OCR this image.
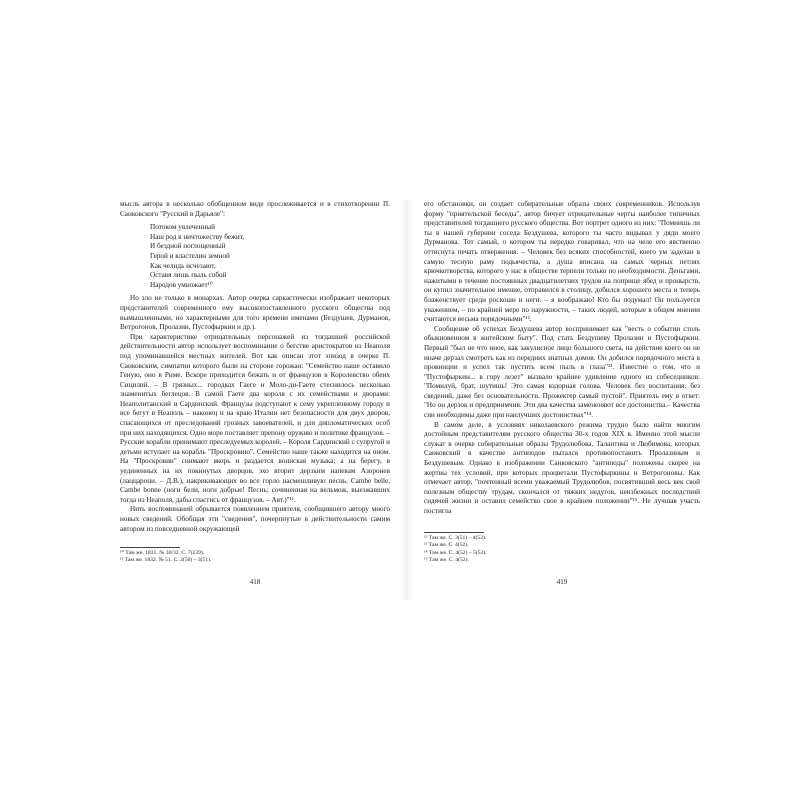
мысль автора в несколько обобщенном виде прослеживается и в стихотворении П. Санковского "Русский в Дарьяле":

Потоком увлеченный
Наш род в ничтожеству бежит,
И бездной поглощенный
Герой и властелин земной
Как челндь исчезают,
Оставя лишь пыль собой
Народов умножает¹⁰

Но зло не только в монархах. Автор очерка саркастически изображает некоторых представителей современного ему высокопоставленного русского общества под вымышленными, но характерными для того времени именами (Бездушев, Дурманов, Ветрогонов, Пролазин, Пустофыркин и др.).

При характеристике отрицательных персонажей из тогдашней российской действительности автор использует воспоминание о бегстве аристократов из Неаполя под упоминавшейся местных жителей. Вот как описан этот эпизод в очерке П. Санковским, симпатии которого были на стороне горожан: "Семейство наше оставило Геную, оно в Риме. Вскоре приходится бежать и от французов в Королевство обеих Сицилий. – В грязных... городках Гаеге и Моло-ди-Гаете стеснилось несколько знаменитых беглецов. В самой Гаете два короля с их семействами и дворами: Неаполитанский и Сардинский. Французы подступают к сему укрепленному городу и все бегут в Неаполь – наконец и на краю Италии нет безопасности для двух дворов, спасающихся от преследований грозных завоевателей, и для дипломатических особ при них находящихся. Одно море поставляет препону оружию и политике французов. – Русские корабли принимают преследуемых королей. – Короля Сардинский с супругой и детьми вступает на корабль "Проскровию". Семейство наше также находится на оном. На "Проскровии" снимают якорь и раздается воинская музыка; а на берегу, в уединенных на их покинутых дворцов, эхо вторит дерзким напевам Азоронев (лаццарони. – Д.В.), накрикивающих во все горло насмешливую песнь. Cambe belle, Cambe bonne (ноги бели, ноги добрые! Песнь; сочиненная на вельмож, выезжавших тогда из Неаполя, дабы спастись от французов. – Авт.)"¹¹.

Нить воспоминаний обрывается появлением приятеля, сообщившего автору много новых сведений. Обобщая эти "сведения", почерпнутые в действительности самим автором из повседневной окружающей

¹⁰ Там же. 1831. № 30/32. С. 7(239).
¹¹ Там же. 1832. № 51. С. 2(50) – 3(51).
418

его обстановки, он создает собирательные образы своих современников. Используя форму "приятельской беседы", автор бичует отрицательные черты наиболее типичных представителей тогдашнего русского общества. Вот портрет одного из них: "Помнишь ли ты в нашей губернии соседа Бездушева, которого ты часто видывал у дяди моего Дурманова. Тот самый, о котором ты нередко говаривал, что на челе его явственно оттиснута печать отвержения. – Человек без всяких способностей, коего ум заделан в самую тесную раму подьячества, а душа вписана на самых черных петлях крючкотворства, которого у нас в обществе терпели только по необходимости. Деньгами, нажитыми в течение постоянных двадцатилетних трудов на поприще ябед и пронырств, он купил значительное имение, отправился в столицу, добился хорошего места и теперь блаженствует среди роскоши и неги. – я воображаю! Кто бы подумал! Он пользуется уважением, – по крайней мере по наружности, – таких людей, которые в общем мнении считаются весьма порядочными"¹².

Сообщение об успехах Бездушева автор воспринимает как "весть о событии столь обыкновенном в житейском быту". Под стать Бездушеву Пролазин и Пустофыркин. Первый "был не что иное, как закулисное лицо большого света, на действие коего он не иначе дерзал смотреть как из передних знатных домов. Он добился порядочного места в провинции и успел так пустить всем пыль в глаза"¹³. Известие о том, что и "Пустофыркин... в гору лезет" вызвало крайнее удивление одного из собеседников: "Помилуй, брат, шутишь! Это самая вздорная голова. Человек без воспитания, без сведений, даже без основательности. Прожектер самый пустой". Приятель ему в ответ: "Но он дерзок и предприимчив. Эти два качества замененяют все достоинства.– Качества сии необходимы даже при наилучших достоинствах"¹⁴.

В самом деле, в условиях николаевского режима трудно было найти многим достойным представителям русского общества 30-х годов XIX в. Именно этой мысли служат в очерке собирательные образы Трудолюбова, Талантина и Любимова, которых Санковский в качестве антиподов пытался противопоставить Пролазиным и Бездушевым. Однако в изображении Санковского "антиподы" положены скорее на жертвы тех условий, при которых процветали Пустофыркины и Ветрогоновы. Как отмечает автор, "почтенный всеми уважаемый Трудолюбов, посвятивший весь век свой полезным обществу трудам, скончался от тяжких недугов, неизбежных последствий сидячей жизни и оставил семейство свое в крайнем положении"¹⁵. Не лучшая участь постигла

¹² Там же. С. 3(51) – 4(52).
¹³ Там же. С. 4(52).
¹⁴ Там же. С. 4(52) – 5(53).
¹⁵ Там же. С. 4(52).
419
